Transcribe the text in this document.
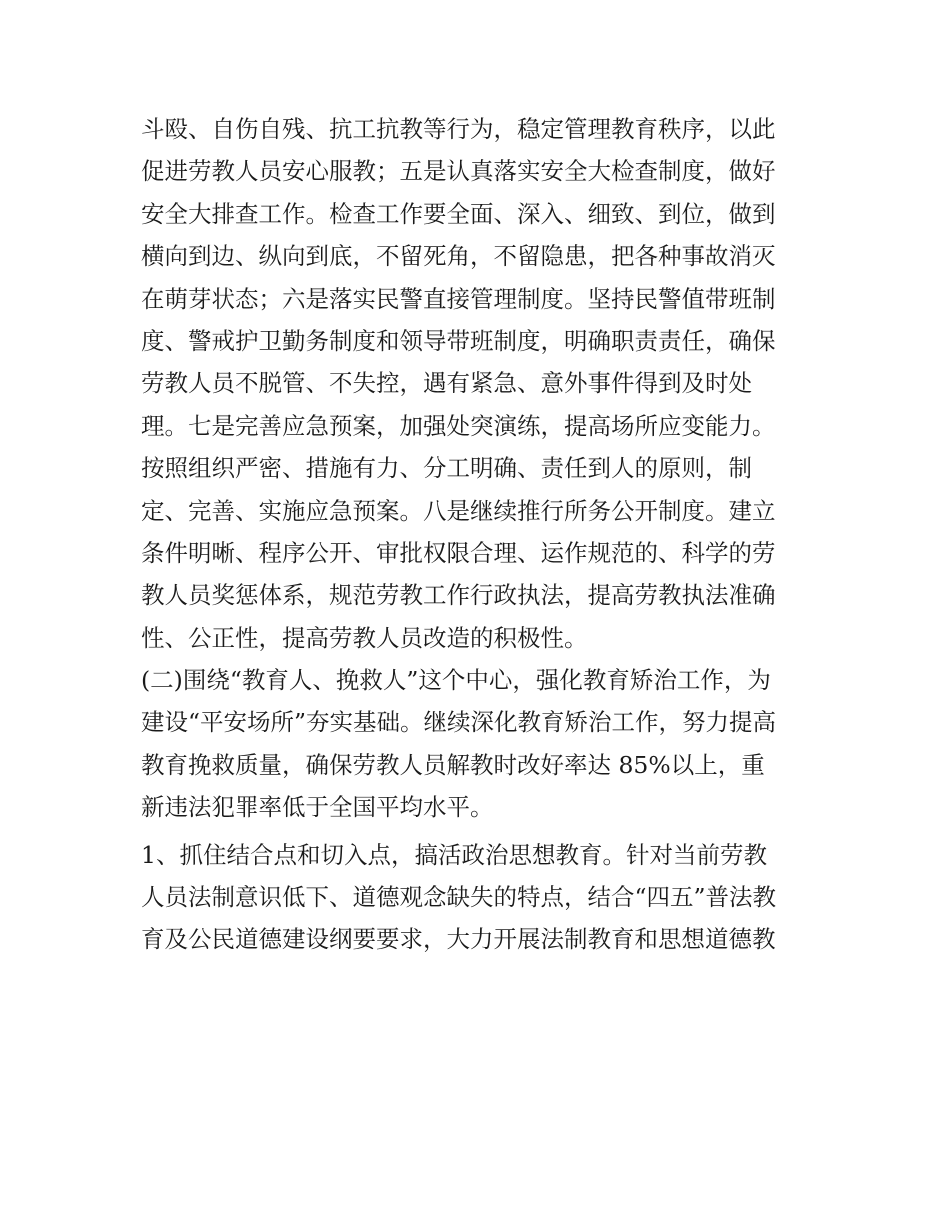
斗殴、自伤自残、抗工抗教等行为，稳定管理教育秩序，以此
促进劳教人员安心服教；五是认真落实安全大检查制度，做好
安全大排查工作。检查工作要全面、深入、细致、到位，做到
横向到边、纵向到底，不留死角，不留隐患，把各种事故消灭
在萌芽状态；六是落实民警直接管理制度。坚持民警值带班制
度、警戒护卫勤务制度和领导带班制度，明确职责责任，确保
劳教人员不脱管、不失控，遇有紧急、意外事件得到及时处
理。七是完善应急预案，加强处突演练，提高场所应变能力。
按照组织严密、措施有力、分工明确、责任到人的原则，制
定、完善、实施应急预案。八是继续推行所务公开制度。建立
条件明晰、程序公开、审批权限合理、运作规范的、科学的劳
教人员奖惩体系，规范劳教工作行政执法，提高劳教执法准确
性、公正性，提高劳教人员改造的积极性。
(二)围绕“教育人、挽救人”这个中心，强化教育矫治工作，为
建设“平安场所”夯实基础。继续深化教育矫治工作，努力提高
教育挽救质量，确保劳教人员解教时改好率达 85%以上，重
新违法犯罪率低于全国平均水平。
1、抓住结合点和切入点，搞活政治思想教育。针对当前劳教
人员法制意识低下、道德观念缺失的特点，结合“四五”普法教
育及公民道德建设纲要要求，大力开展法制教育和思想道德教
